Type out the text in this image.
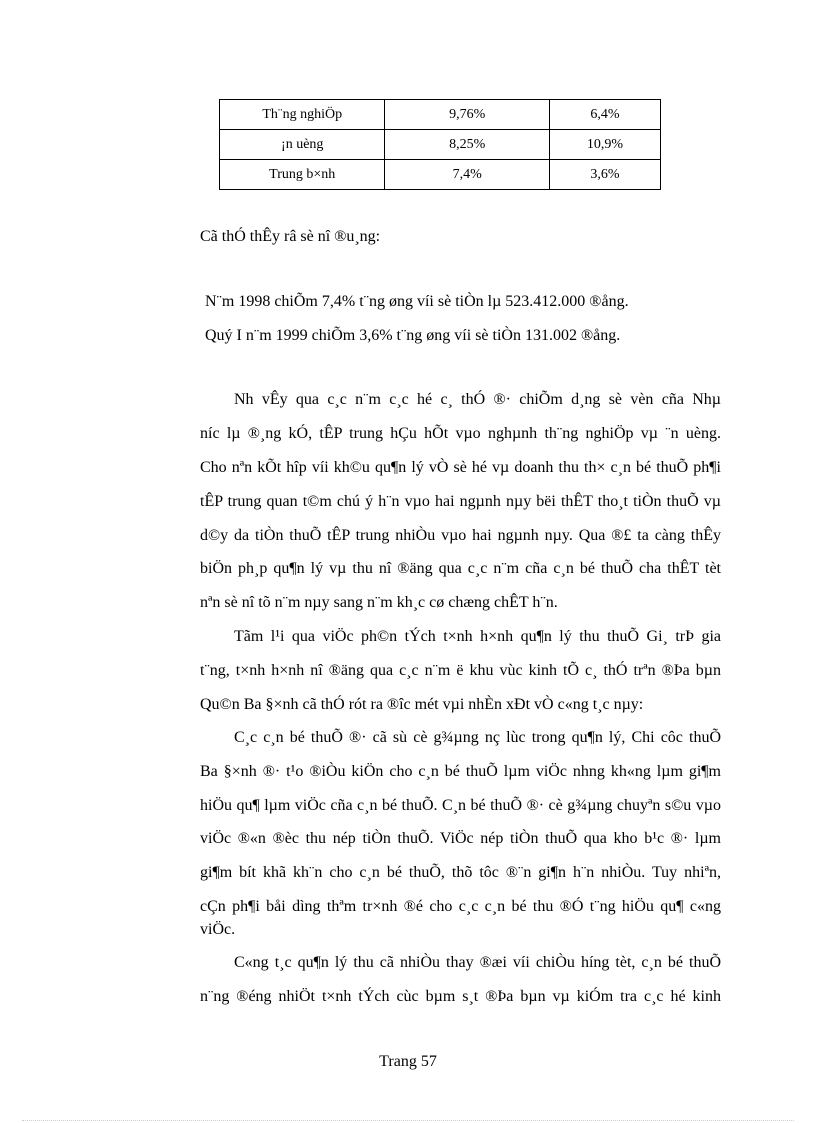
Th¨ng nghiÖp	9,76%	6,4%
¡n uèng	8,25%	10,9%
Trung b×nh	7,4%	3,6%
Cã thÓ thÊy râ sè nî ®u¸ng:
N¨m 1998 chiÕm 7,4% t¨ng øng víi sè tiÒn lµ 523.412.000 ®ång.
Quý I n¨m 1999 chiÕm 3,6% t¨ng øng víi sè tiÒn 131.002 ®ång.
Nh vÊy qua c¸c n¨m c¸c hé c¸ thÓ ®· chiÕm d¸ng sè vèn cña Nhµ
níc lµ ®¸ng kÓ, tÊP trung hÇu hÕt vµo nghµnh th¨ng nghiÖp vµ ¨n uèng.
Cho nªn kÕt hîp víi kh©u qu¶n lý vÒ sè hé vµ doanh thu th× c¸n bé thuÕ ph¶i
tÊP trung quan t©m chú ý h¨n vµo hai ngµnh nµy bëi thÊT tho¸t tiÒn thuÕ vµ
d©y da tiÒn thuÕ tÊP trung nhiÒu vµo hai ngµnh nµy. Qua ®£ ta càng thÊy
biÖn ph¸p qu¶n lý vµ thu nî ®äng qua c¸c n¨m cña c¸n bé thuÕ cha thÊT tèt
nªn sè nî tõ n¨m nµy sang n¨m kh¸c cø chæng chÊT h¨n.
Tãm l¹i qua viÖc ph©n tÝch t×nh h×nh qu¶n lý thu thuÕ Gi¸ trÞ gia
t¨ng, t×nh h×nh nî ®äng qua c¸c n¨m ë khu vùc kinh tÕ c¸ thÓ trªn ®Þa bµn
Qu©n Ba §×nh cã thÓ rót ra ®îc mét vµi nhÈn xÐt vÒ c«ng t¸c nµy:
C¸c c¸n bé thuÕ ®· cã sù cè g¾µng nç lùc trong qu¶n lý, Chi côc thuÕ
Ba §×nh ®· t¹o ®iÒu kiÖn cho c¸n bé thuÕ lµm viÖc nhng kh«ng lµm gi¶m
hiÖu qu¶ lµm viÖc cña c¸n bé thuÕ. C¸n bé thuÕ ®· cè g¾µng chuyªn s©u vµo
viÖc ®«n ®èc thu nép tiÒn thuÕ. ViÖc nép tiÒn thuÕ qua kho b¹c ®· lµm
gi¶m bít khã kh¨n cho c¸n bé thuÕ, thõ tôc ®¨n gi¶n h¨n nhiÒu. Tuy nhiªn,
cÇn ph¶i båi dìng thªm tr×nh ®é cho c¸c c¸n bé thu ®Ó t¨ng hiÖu qu¶ c«ng
viÖc.
C«ng t¸c qu¶n lý thu cã nhiÒu thay ®æi víi chiÒu híng tèt, c¸n bé thuÕ
n¨ng ®éng nhiÖt t×nh tÝch cùc bµm s¸t ®Þa bµn vµ kiÓm tra c¸c hé kinh
Trang 57
